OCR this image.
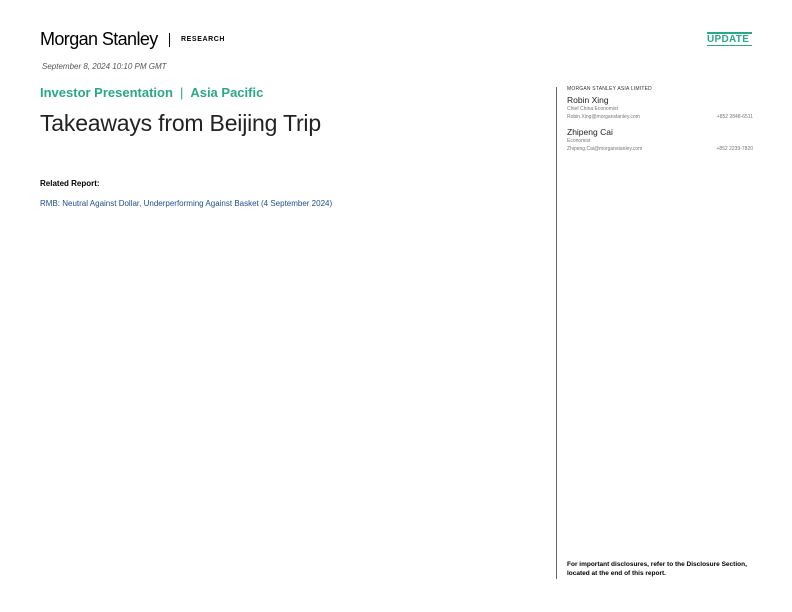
Morgan Stanley	RESEARCH	UPDATE
September 8, 2024 10:10 PM GMT
Investor Presentation | Asia Pacific
Takeaways from Beijing Trip
Related Report:
RMB: Neutral Against Dollar, Underperforming Against Basket (4 September 2024)
MORGAN STANLEY ASIA LIMITED
Robin Xing
Chief China Economist
Robin.Xing@morganstanley.com	+852 2848-6511
Zhipeng Cai
Economist
Zhipeng.Cai@morganstanley.com	+852 2239-7820
For important disclosures, refer to the Disclosure Section, located at the end of this report.
